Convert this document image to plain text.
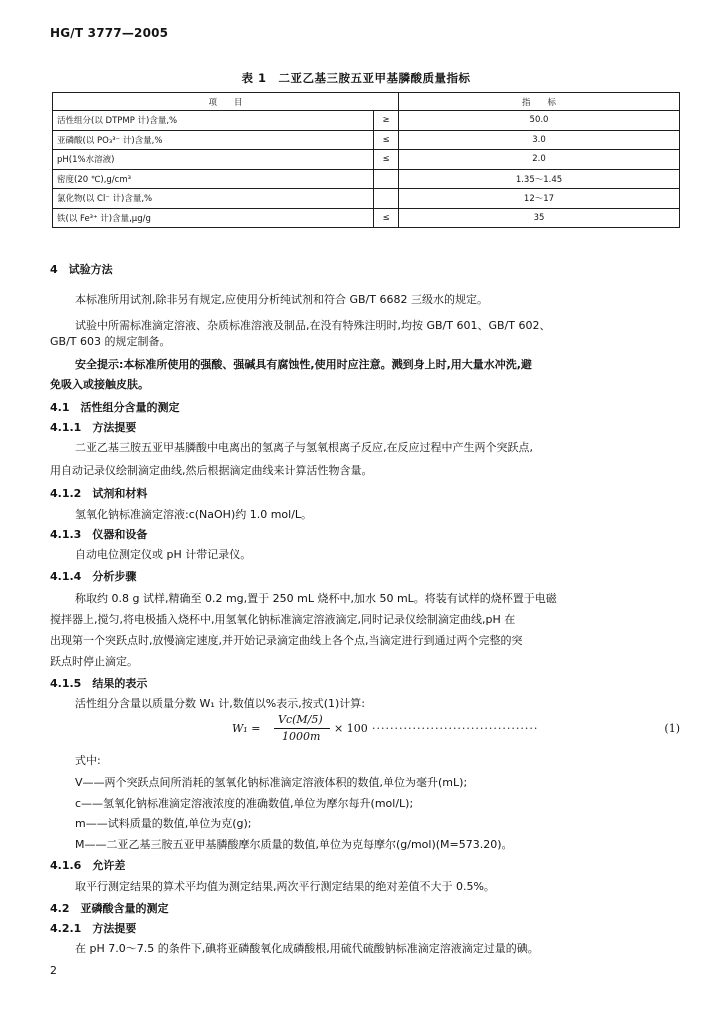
HG/T 3777—2005
表 1　二亚乙基三胺五亚甲基膦酸质量指标
项　　目		指　　标
活性组分(以 DTPMP 计)含量,%	≥	50.0
亚磷酸(以 PO₃³⁻ 计)含量,%	≤	3.0
pH(1%水溶液)	≤	2.0
密度(20 ℃),g/cm³		1.35～1.45
氯化物(以 Cl⁻ 计)含量,%		12～17
铁(以 Fe³⁺ 计)含量,μg/g	≤	35
4　试验方法
本标准所用试剂,除非另有规定,应使用分析纯试剂和符合 GB/T 6682 三级水的规定。
试验中所需标准滴定溶液、杂质标准溶液及制品,在没有特殊注明时,均按 GB/T 601、GB/T 602、
GB/T 603 的规定制备。
安全提示:本标准所使用的强酸、强碱具有腐蚀性,使用时应注意。溅到身上时,用大量水冲洗,避
免吸入或接触皮肤。
4.1　活性组分含量的测定
4.1.1　方法提要
二亚乙基三胺五亚甲基膦酸中电离出的氢离子与氢氧根离子反应,在反应过程中产生两个突跃点,
用自动记录仪绘制滴定曲线,然后根据滴定曲线来计算活性物含量。
4.1.2　试剂和材料
氢氧化钠标准滴定溶液:c(NaOH)约 1.0 mol/L。
4.1.3　仪器和设备
自动电位测定仪或 pH 计带记录仪。
4.1.4　分析步骤
称取约 0.8 g 试样,精确至 0.2 mg,置于 250 mL 烧杯中,加水 50 mL。将装有试样的烧杯置于电磁
搅拌器上,搅匀,将电极插入烧杯中,用氢氧化钠标准滴定溶液滴定,同时记录仪绘制滴定曲线,pH 在
出现第一个突跃点时,放慢滴定速度,并开始记录滴定曲线上各个点,当滴定进行到通过两个完整的突
跃点时停止滴定。
4.1.5　结果的表示
活性组分含量以质量分数 W₁ 计,数值以%表示,按式(1)计算:
W₁ =
Vc(M/5)
1000m
× 100 ·····································	(1)
式中:
V——两个突跃点间所消耗的氢氧化钠标准滴定溶液体积的数值,单位为毫升(mL);
c——氢氧化钠标准滴定溶液浓度的准确数值,单位为摩尔每升(mol/L);
m——试料质量的数值,单位为克(g);
M——二亚乙基三胺五亚甲基膦酸摩尔质量的数值,单位为克每摩尔(g/mol)(M=573.20)。
4.1.6　允许差
取平行测定结果的算术平均值为测定结果,两次平行测定结果的绝对差值不大于 0.5%。
4.2　亚磷酸含量的测定
4.2.1　方法提要
在 pH 7.0～7.5 的条件下,碘将亚磷酸氧化成磷酸根,用硫代硫酸钠标准滴定溶液滴定过量的碘。
2
